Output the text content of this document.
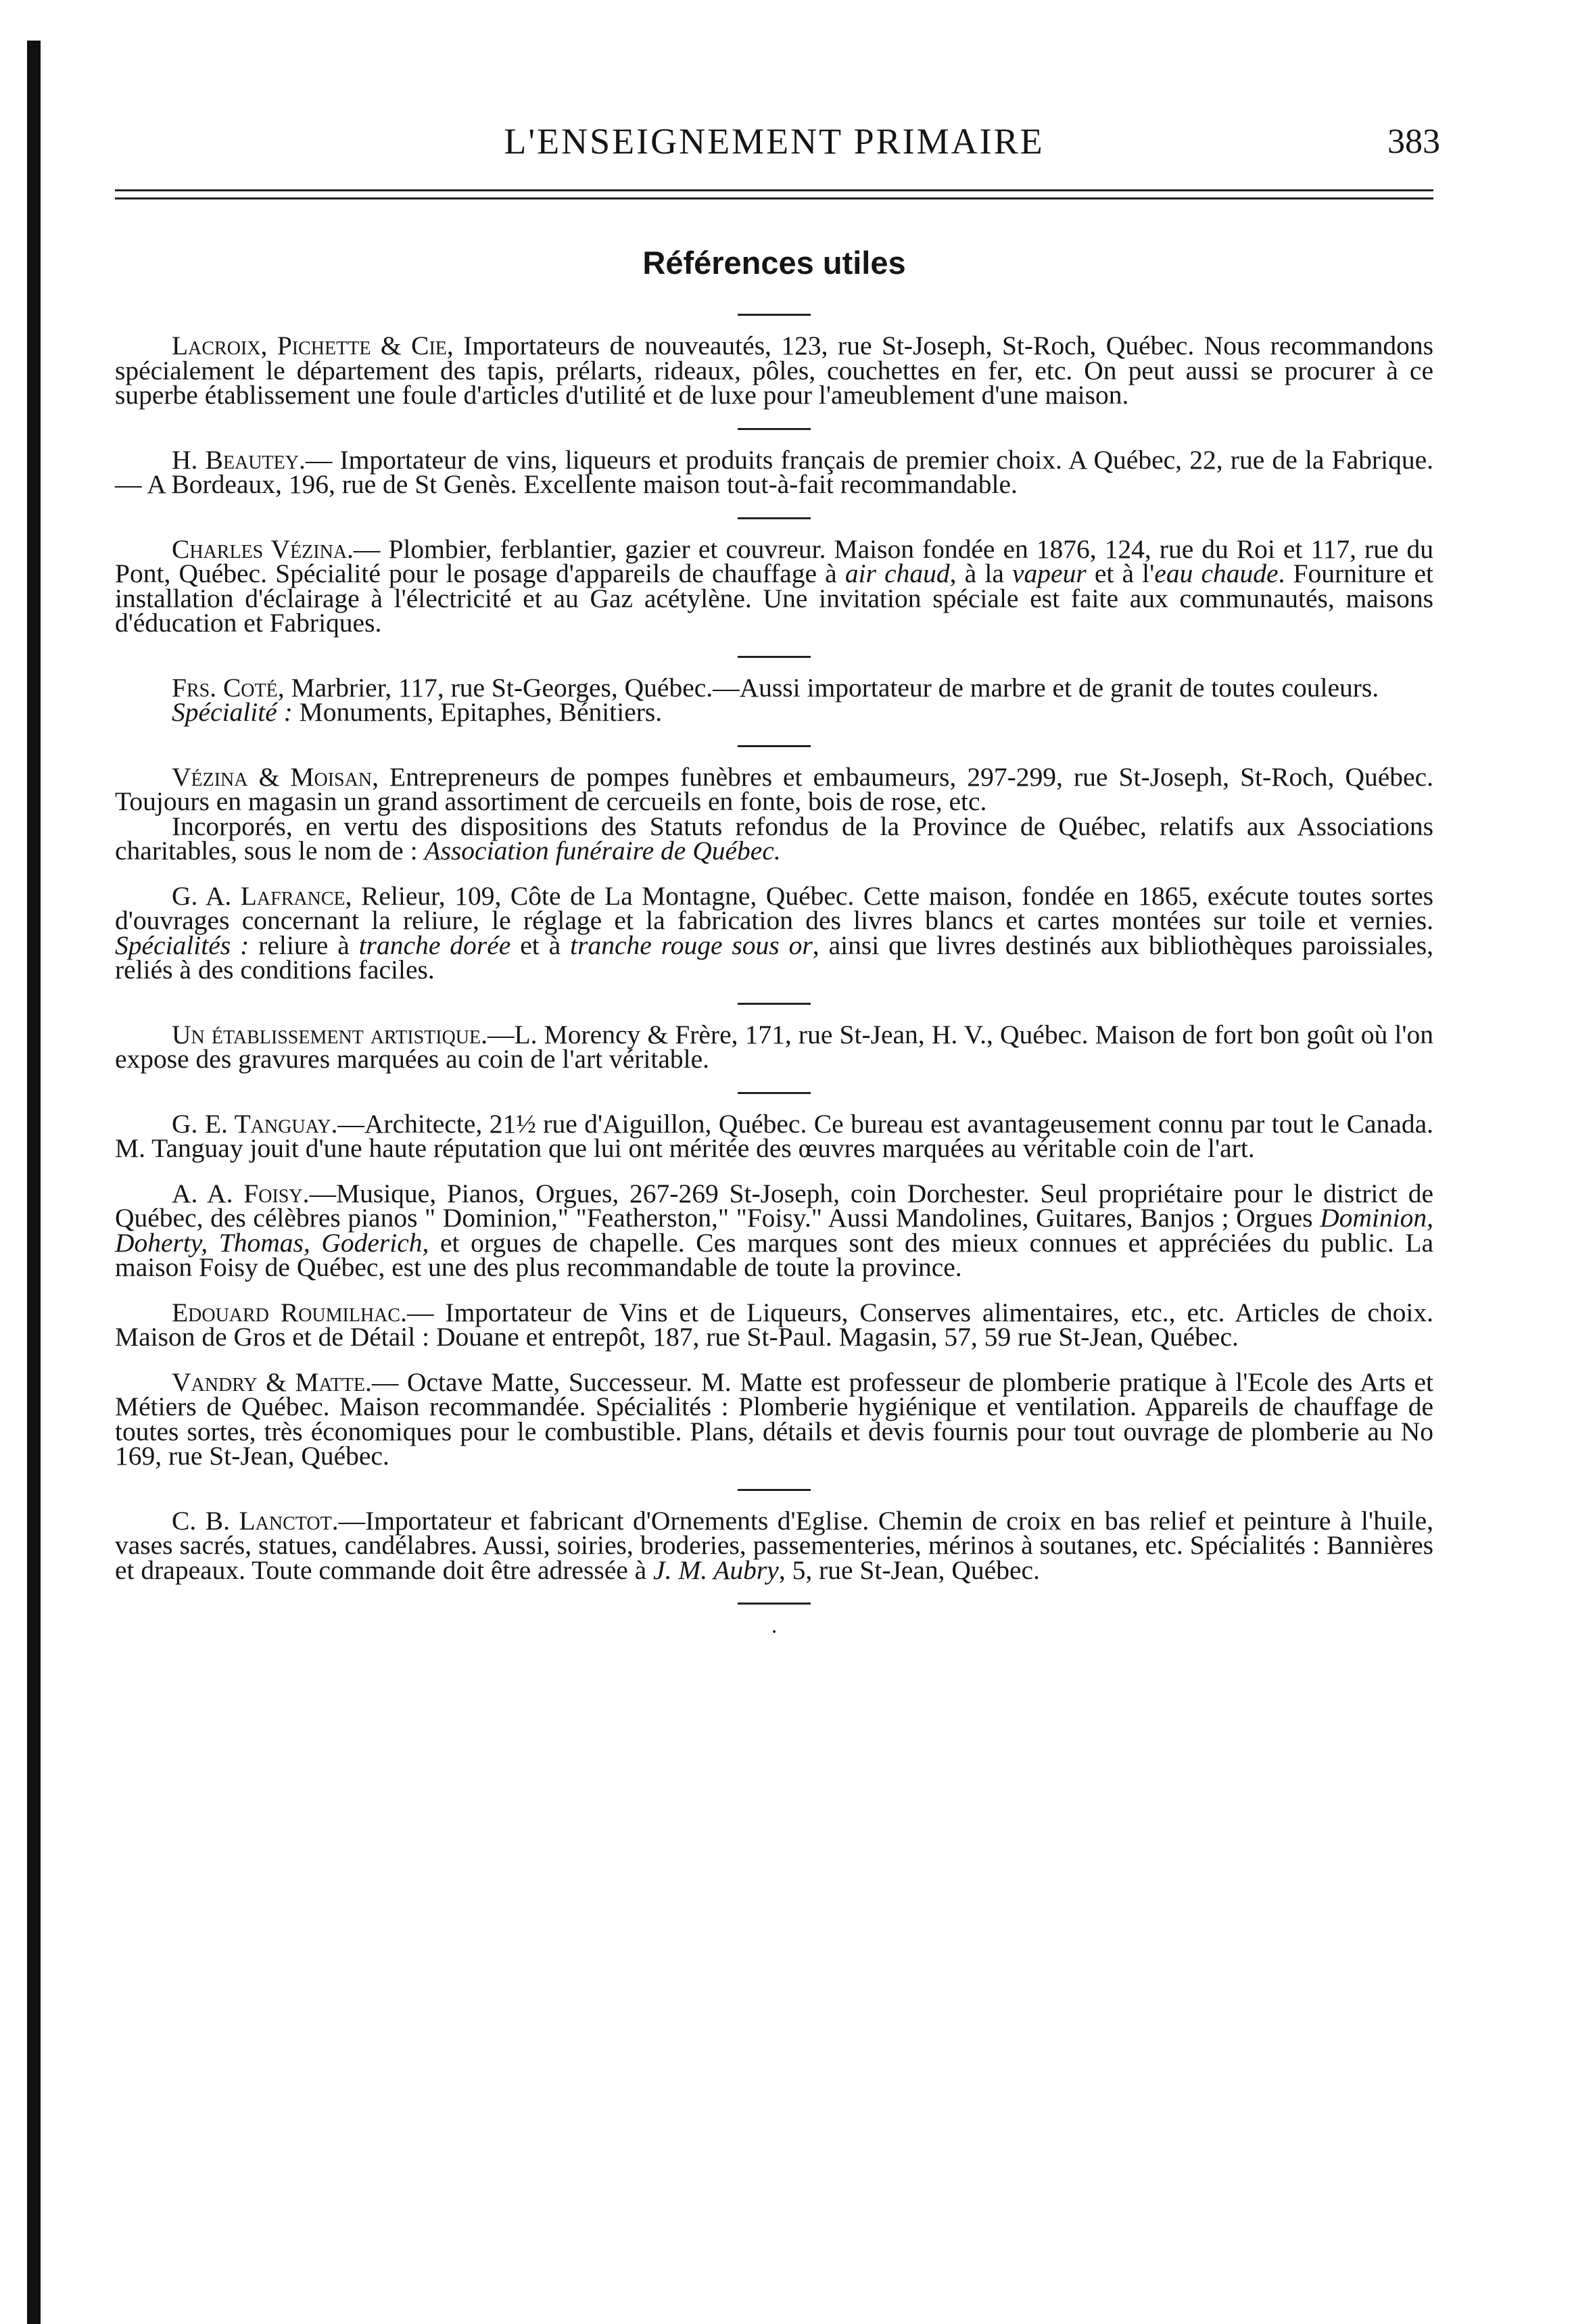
L'ENSEIGNEMENT PRIMAIRE	383
Références utiles

Lacroix, Pichette & Cie, Importateurs de nouveautés, 123, rue St-Joseph, St-Roch, Québec. Nous recommandons spécialement le département des tapis, prélarts, rideaux, pôles, couchettes en fer, etc. On peut aussi se procurer à ce superbe établissement une foule d'articles d'utilité et de luxe pour l'ameublement d'une maison.

H. Beautey.— Importateur de vins, liqueurs et produits français de premier choix. A Québec, 22, rue de la Fabrique.— A Bordeaux, 196, rue de St Genès. Excellente maison tout-à-fait recommandable.

Charles Vézina.— Plombier, ferblantier, gazier et couvreur. Maison fondée en 1876, 124, rue du Roi et 117, rue du Pont, Québec. Spécialité pour le posage d'appareils de chauffage à air chaud, à la vapeur et à l'eau chaude. Fourniture et installation d'éclairage à l'électricité et au Gaz acétylène. Une invitation spéciale est faite aux communautés, maisons d'éducation et Fabriques.

Frs. Coté, Marbrier, 117, rue St-Georges, Québec.—Aussi importateur de marbre et de granit de toutes couleurs.

Spécialité : Monuments, Epitaphes, Bénitiers.

Vézina & Moisan, Entrepreneurs de pompes funèbres et embaumeurs, 297-299, rue St-Joseph, St-Roch, Québec. Toujours en magasin un grand assortiment de cercueils en fonte, bois de rose, etc.

Incorporés, en vertu des dispositions des Statuts refondus de la Province de Québec, relatifs aux Associations charitables, sous le nom de : Association funéraire de Québec.

G. A. Lafrance, Relieur, 109, Côte de La Montagne, Québec. Cette maison, fondée en 1865, exécute toutes sortes d'ouvrages concernant la reliure, le réglage et la fabrication des livres blancs et cartes montées sur toile et vernies. Spécialités : reliure à tranche dorée et à tranche rouge sous or, ainsi que livres destinés aux bibliothèques paroissiales, reliés à des conditions faciles.

Un établissement artistique.—L. Morency & Frère, 171, rue St-Jean, H. V., Québec. Maison de fort bon goût où l'on expose des gravures marquées au coin de l'art véritable.

G. E. Tanguay.—Architecte, 21½ rue d'Aiguillon, Québec. Ce bureau est avantageusement connu par tout le Canada. M. Tanguay jouit d'une haute réputation que lui ont méritée des œuvres marquées au véritable coin de l'art.

A. A. Foisy.—Musique, Pianos, Orgues, 267-269 St-Joseph, coin Dorchester. Seul propriétaire pour le district de Québec, des célèbres pianos " Dominion," "Featherston," "Foisy." Aussi Mandolines, Guitares, Banjos ; Orgues Dominion, Doherty, Thomas, Goderich, et orgues de chapelle. Ces marques sont des mieux connues et appréciées du public. La maison Foisy de Québec, est une des plus recommandable de toute la province.

Edouard Roumilhac.— Importateur de Vins et de Liqueurs, Conserves alimentaires, etc., etc. Articles de choix. Maison de Gros et de Détail : Douane et entrepôt, 187, rue St-Paul. Magasin, 57, 59 rue St-Jean, Québec.

Vandry & Matte.— Octave Matte, Successeur. M. Matte est professeur de plomberie pratique à l'Ecole des Arts et Métiers de Québec. Maison recommandée. Spécialités : Plomberie hygiénique et ventilation. Appareils de chauffage de toutes sortes, très économiques pour le combustible. Plans, détails et devis fournis pour tout ouvrage de plomberie au No 169, rue St-Jean, Québec.

C. B. Lanctot.—Importateur et fabricant d'Ornements d'Eglise. Chemin de croix en bas relief et peinture à l'huile, vases sacrés, statues, candélabres. Aussi, soiries, broderies, passementeries, mérinos à soutanes, etc. Spécialités : Bannières et drapeaux. Toute commande doit être adressée à J. M. Aubry, 5, rue St-Jean, Québec.

·
